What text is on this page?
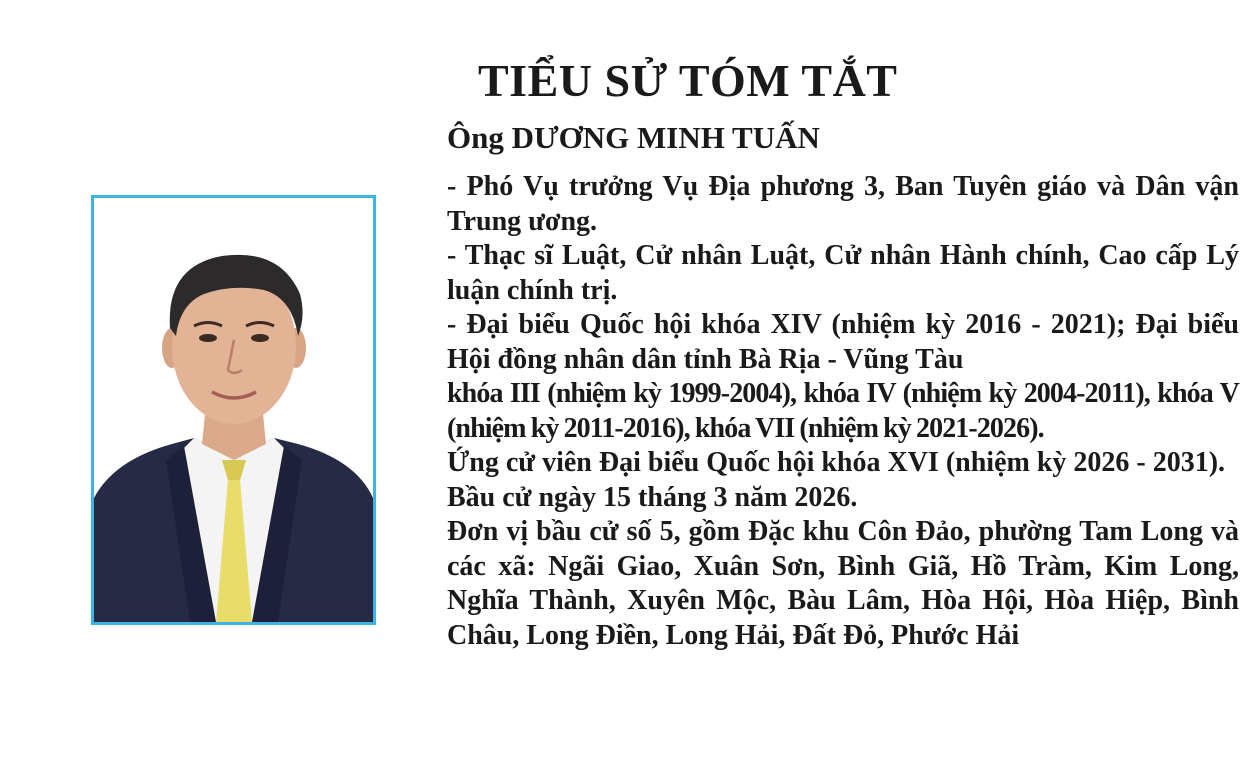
TIỂU SỬ TÓM TẮT
Ông DƯƠNG MINH TUẤN

- Phó Vụ trưởng Vụ Địa phương 3, Ban Tuyên giáo và Dân vận Trung ương.

- Thạc sĩ Luật, Cử nhân Luật, Cử nhân Hành chính, Cao cấp Lý luận chính trị.

- Đại biểu Quốc hội khóa XIV (nhiệm kỳ 2016 - 2021); Đại biểu Hội đồng nhân dân tỉnh Bà Rịa - Vũng Tàu

khóa III (nhiệm kỳ 1999-2004), khóa IV (nhiệm kỳ 2004-2011), khóa V (nhiệm kỳ 2011-2016), khóa VII (nhiệm kỳ 2021-2026).

Ứng cử viên Đại biểu Quốc hội khóa XVI (nhiệm kỳ 2026 - 2031).

Bầu cử ngày 15 tháng 3 năm 2026.

Đơn vị bầu cử số 5, gồm Đặc khu Côn Đảo, phường Tam Long và các xã: Ngãi Giao, Xuân Sơn, Bình Giã, Hồ Tràm, Kim Long, Nghĩa Thành, Xuyên Mộc, Bàu Lâm, Hòa Hội, Hòa Hiệp, Bình Châu, Long Điền, Long Hải, Đất Đỏ, Phước Hải
